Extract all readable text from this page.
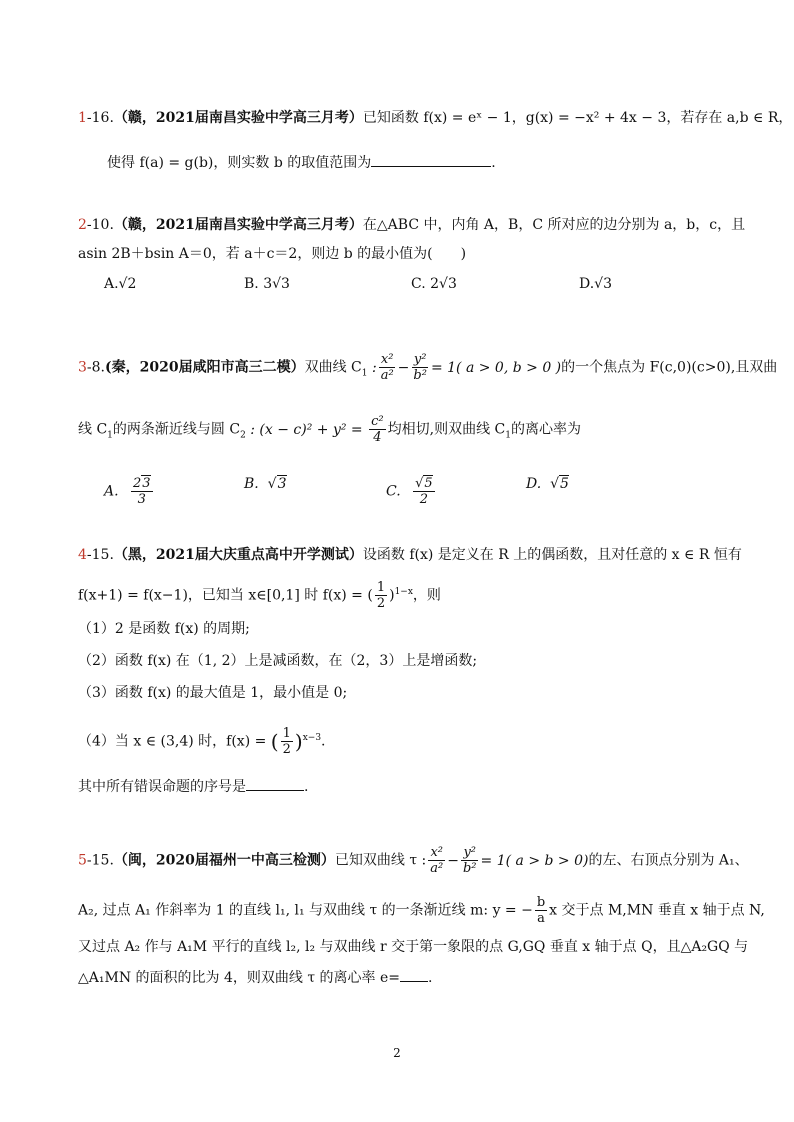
1-16.（赣，2021届南昌实验中学高三月考）已知函数 f(x) = eˣ − 1，g(x) = −x² + 4x − 3，若存在 a,b ∈ R，
使得 f(a) = g(b)，则实数 b 的取值范围为	.
2-10.（赣，2021届南昌实验中学高三月考）在△ABC 中，内角 A，B，C 所对应的边分别为 a，b，c，且
asin 2B＋bsin A＝0，若 a＋c＝2，则边 b 的最小值为(　　)
A.√2	B. 3√3	C. 2√3	D.√3
3-8.(秦，2020届咸阳市高三二模）双曲线 $C_1$ : $\frac{\text{x²}}{\text{a²}} - \frac{\text{y²}}{\text{b²}} = 1$( a > 0, b > 0 )的一个焦点为 F(c,0)(c>0),且双曲
线 $C_1$的两条渐近线与圆 $C_2$ : $(x - c)^2 + y^2 = \frac{\text{c²}}{4}$ 均相切,则双曲线 $C_1$的离心率为
A. $\frac{23}{3}$	B.  √3	C. $\frac{√5}{2}$	D.  √5
4-15.（黑，2021届大庆重点高中开学测试）设函数 f(x) 是定义在 R 上的偶函数，且对任意的 x ∈ R 恒有
f(x+1) = f(x−1)，已知当 x∈[0,1] 时 f(x) = ( $\frac{1}{2} )^{1-x}$，则
（1）2 是函数 f(x) 的周期;
（2）函数 f(x) 在（1, 2）上是减函数，在（2，3）上是增函数;
（3）函数 f(x) 的最大值是 1，最小值是 0;
（4）当 x ∈ (3,4) 时，f(x) = ( $\frac{1}{2} )^{x-3}$.
其中所有错误命题的序号是	.
5-15.（闽，2020届福州一中高三检测）已知双曲线 τ : $\frac{\text{x²}}{\text{a²}} - \frac{\text{y²}}{\text{b²}} = 1$( a > b > 0)的左、右顶点分别为 A₁、
A₂, 过点 A₁ 作斜率为 1 的直线 l₁, l₁ 与双曲线 τ 的一条渐近线 m: y = − $\frac{b}{a}$ x 交于点 M,MN 垂直 x 轴于点 N,
又过点 A₂ 作与 A₁M 平行的直线 l₂, l₂ 与双曲线 r 交于第一象限的点 G,GQ 垂直 x 轴于点 Q，且△A₂GQ 与
△A₁MN 的面积的比为 4，则双曲线 τ 的离心率 e= .
2
